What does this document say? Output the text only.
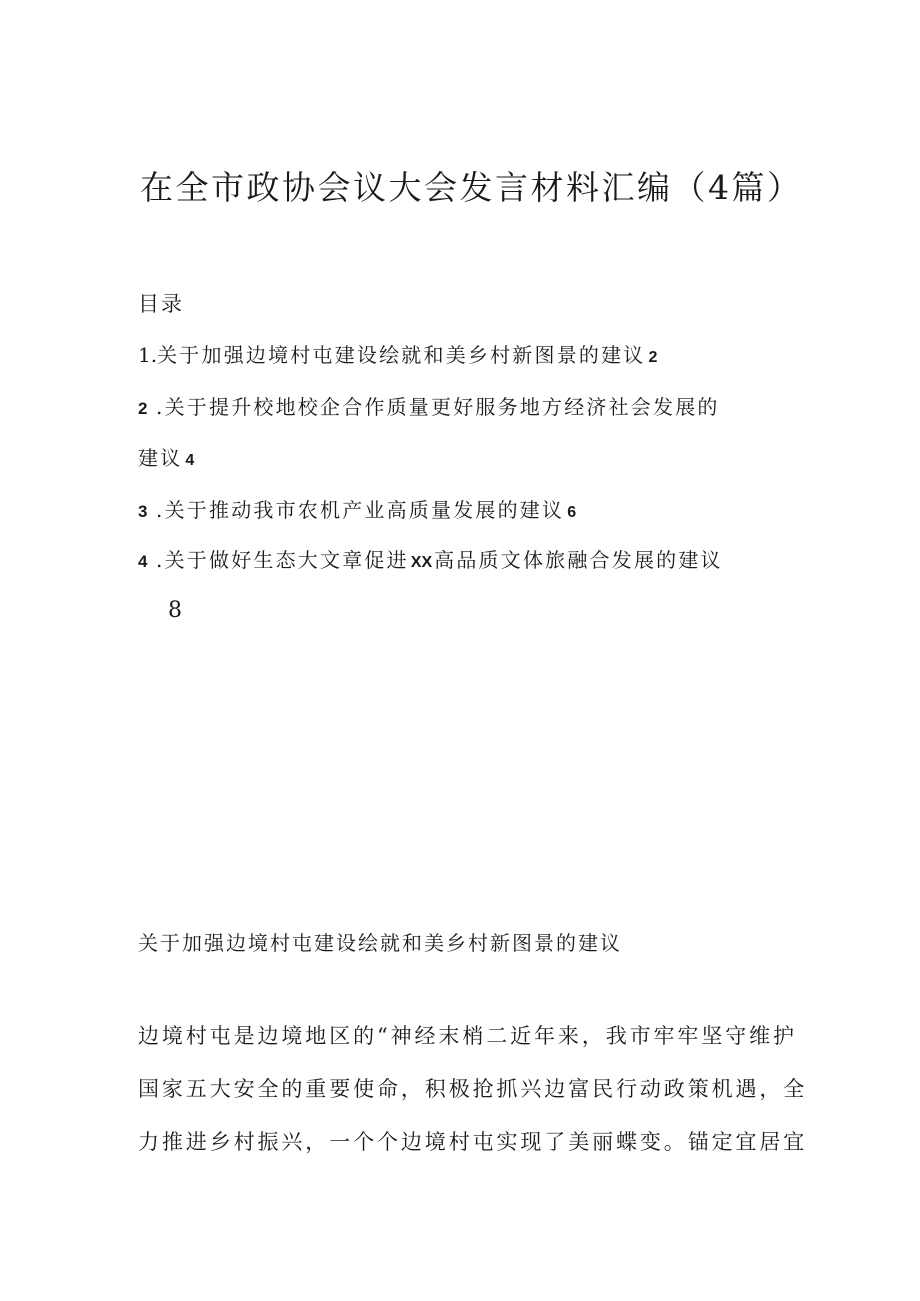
在全市政协会议大会发言材料汇编（4篇）
目录
1.关于加强边境村屯建设绘就和美乡村新图景的建议 2
2 .关于提升校地校企合作质量更好服务地方经济社会发展的
建议 4
3 .关于推动我市农机产业高质量发展的建议 6
4 .关于做好生态大文章促进 XX 高品质文体旅融合发展的建议
8
关于加强边境村屯建设绘就和美乡村新图景的建议
边境村屯是边境地区的“神经末梢二近年来，我市牢牢坚守维护
国家五大安全的重要使命，积极抢抓兴边富民行动政策机遇，全
力推进乡村振兴，一个个边境村屯实现了美丽蝶变。锚定宜居宜
